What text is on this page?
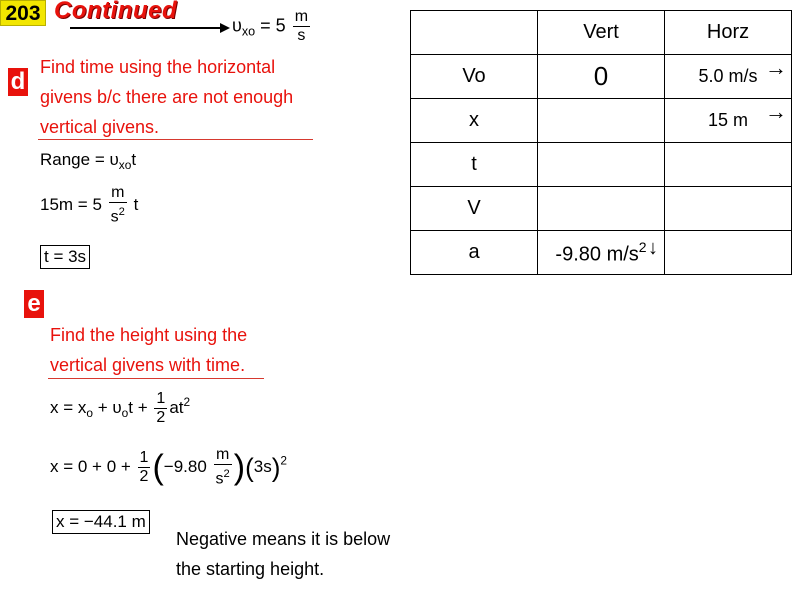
203 Continued
$\upsilon_{xo} = 5 \frac{m}{s}$
d
Find time using the horizontal
givens b/c there are not enough
vertical givens.
Range = $\upsilon_{xo}t$
$15m = 5 \frac{m}{s^2}$ t
t = 3s
e
Find the height using the
vertical givens with time.
$x = x_o + \upsilon_ot + \frac{1}{2} at^2$
$x = 0 + 0 + \frac{1}{2} (-9.80 \frac{m}{s^2} )(3s)^2$
x = −44.1 m
Negative means it is below
the starting height.
	Vert	Horz
Vo	0	5.0 m/s →

x		15 m →

t		
V		
a	-9.80 $m/s^2$ ↓	
